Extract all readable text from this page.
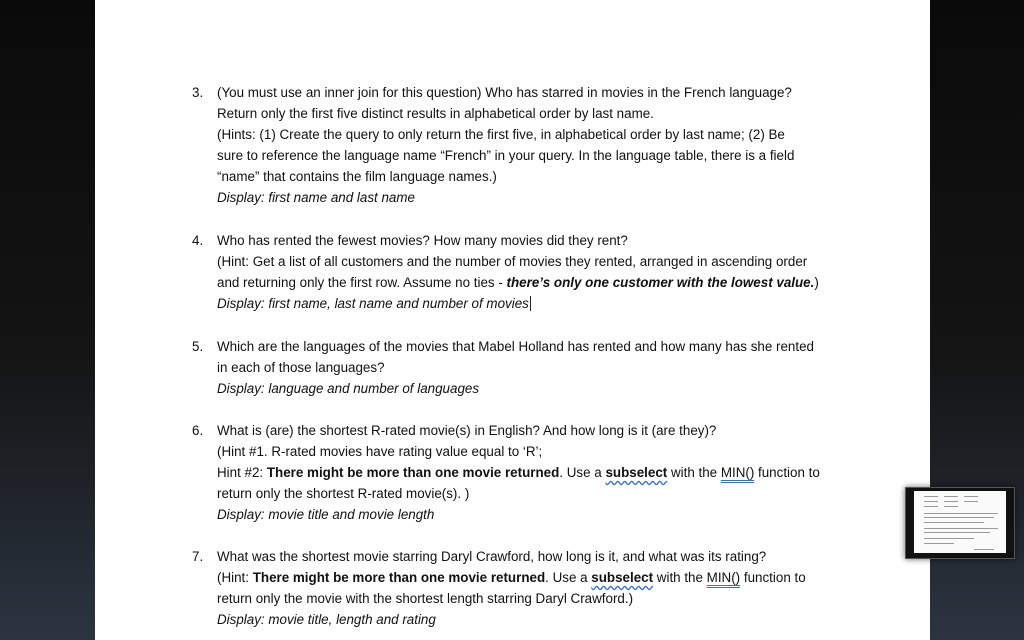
3. (You must use an inner join for this question) Who has starred in movies in the French language?
Return only the first five distinct results in alphabetical order by last name.
(Hints: (1) Create the query to only return the first five, in alphabetical order by last name; (2) Be
sure to reference the language name “French” in your query. In the language table, there is a field
“name” that contains the film language names.)
Display: first name and last name
4. Who has rented the fewest movies? How many movies did they rent?
(Hint: Get a list of all customers and the number of movies they rented, arranged in ascending order
and returning only the first row. Assume no ties - there’s only one customer with the lowest value.)
Display: first name, last name and number of movies
5. Which are the languages of the movies that Mabel Holland has rented and how many has she rented
in each of those languages?
Display: language and number of languages
6. What is (are) the shortest R-rated movie(s) in English? And how long is it (are they)?
(Hint #1. R-rated movies have rating value equal to ‘R’;
Hint #2: There might be more than one movie returned. Use a subselect with the MIN() function to
return only the shortest R-rated movie(s). )
Display: movie title and movie length
7. What was the shortest movie starring Daryl Crawford, how long is it, and what was its rating?
(Hint: There might be more than one movie returned. Use a subselect with the MIN() function to
return only the movie with the shortest length starring Daryl Crawford.)
Display: movie title, length and rating
